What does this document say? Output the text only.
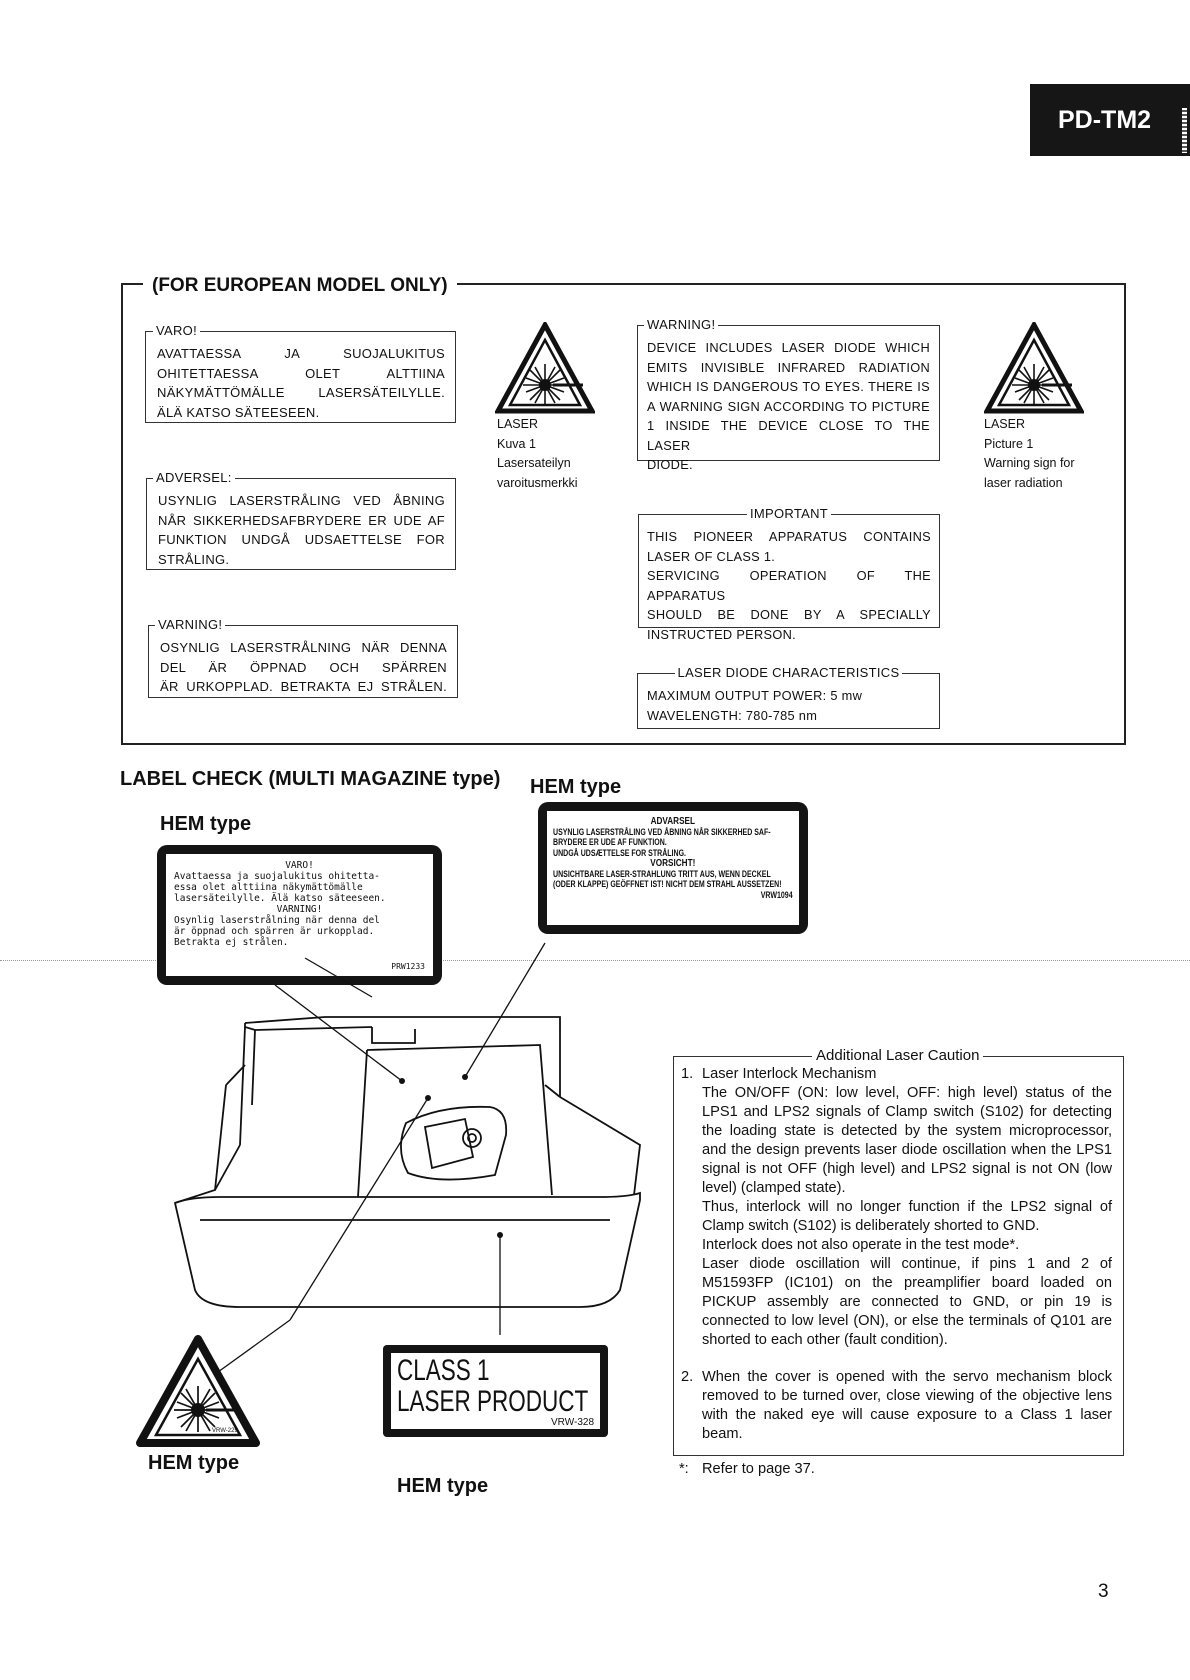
PD-TM2
(FOR EUROPEAN MODEL ONLY)
VARO!
AVATTAESSA JA SUOJALUKITUS
OHITETTAESSA OLET ALTTIINA
NÄKYMÄTTÖMÄLLE LASERSÄTEILYLLE.
ÄLÄ KATSO SÄTEESEEN.
ADVERSEL:
USYNLIG LASERSTRÅLING VED ÅBNING
NÅR SIKKERHEDSAFBRYDERE ER UDE AF
FUNKTION UNDGÅ UDSAETTELSE FOR
STRÅLING.
VARNING!
OSYNLIG LASERSTRÅLNING NÄR DENNA
DEL ÄR ÖPPNAD OCH SPÄRREN
ÄR URKOPPLAD. BETRAKTA EJ STRÅLEN.
LASER
Kuva 1
Lasersateilyn
varoitusmerkki
WARNING!
DEVICE INCLUDES LASER DIODE WHICH
EMITS INVISIBLE INFRARED RADIATION
WHICH IS DANGEROUS TO EYES. THERE IS
A WARNING SIGN ACCORDING TO PICTURE
1 INSIDE THE DEVICE CLOSE TO THE LASER
DIODE.
LASER
Picture 1
Warning sign for
laser radiation
IMPORTANT
THIS PIONEER APPARATUS CONTAINS
LASER OF CLASS 1.
SERVICING OPERATION OF THE APPARATUS
SHOULD BE DONE BY A SPECIALLY
INSTRUCTED PERSON.
LASER DIODE CHARACTERISTICS
MAXIMUM OUTPUT POWER: 5 mw
WAVELENGTH: 780-785 nm
LABEL CHECK (MULTI MAGAZINE type) HEM type
HEM type
HEM type
HEM type
VARO!
Avattaessa ja suojalukitus ohitetta-
essa olet alttiina näkymättömälle
lasersäteilylle. Älä katso säteeseen.
VARNING!
Osynlig laserstrålning när denna del
är öppnad och spärren är urkopplad.
Betrakta ej strålen.
PRW1233
ADVARSEL
USYNLIG LASERSTRÅLING VED ÅBNING NÅR SIKKERHED SAF-
BRYDERE ER UDE AF FUNKTION.
UNDGÅ UDSÆTTELSE FOR STRÅLING.
VORSICHT!
UNSICHTBARE LASER-STRAHLUNG TRITT AUS, WENN DECKEL
(ODER KLAPPE) GEÖFFNET IST! NICHT DEM STRAHL AUSSETZEN!
VRW1094
VRW-229
CLASS 1
LASER PRODUCT
VRW-328
Additional Laser Caution
1. Laser Interlock Mechanism
The ON/OFF (ON: low level, OFF: high level) status of the LPS1 and LPS2 signals of Clamp switch (S102) for detecting the loading state is detected by the system microprocessor, and the design prevents laser diode oscillation when the LPS1 signal is not OFF (high level) and LPS2 signal is not ON (low level) (clamped state).
Thus, interlock will no longer function if the LPS2 signal of Clamp switch (S102) is deliberately shorted to GND.
Interlock does not also operate in the test mode*.
Laser diode oscillation will continue, if pins 1 and 2 of M51593FP (IC101) on the preamplifier board loaded on PICKUP assembly are connected to GND, or pin 19 is connected to low level (ON), or else the terminals of Q101 are shorted to each other (fault condition).
2. When the cover is opened with the servo mechanism block removed to be turned over, close viewing of the objective lens with the naked eye will cause exposure to a Class 1 laser beam.
*: Refer to page 37.
3
